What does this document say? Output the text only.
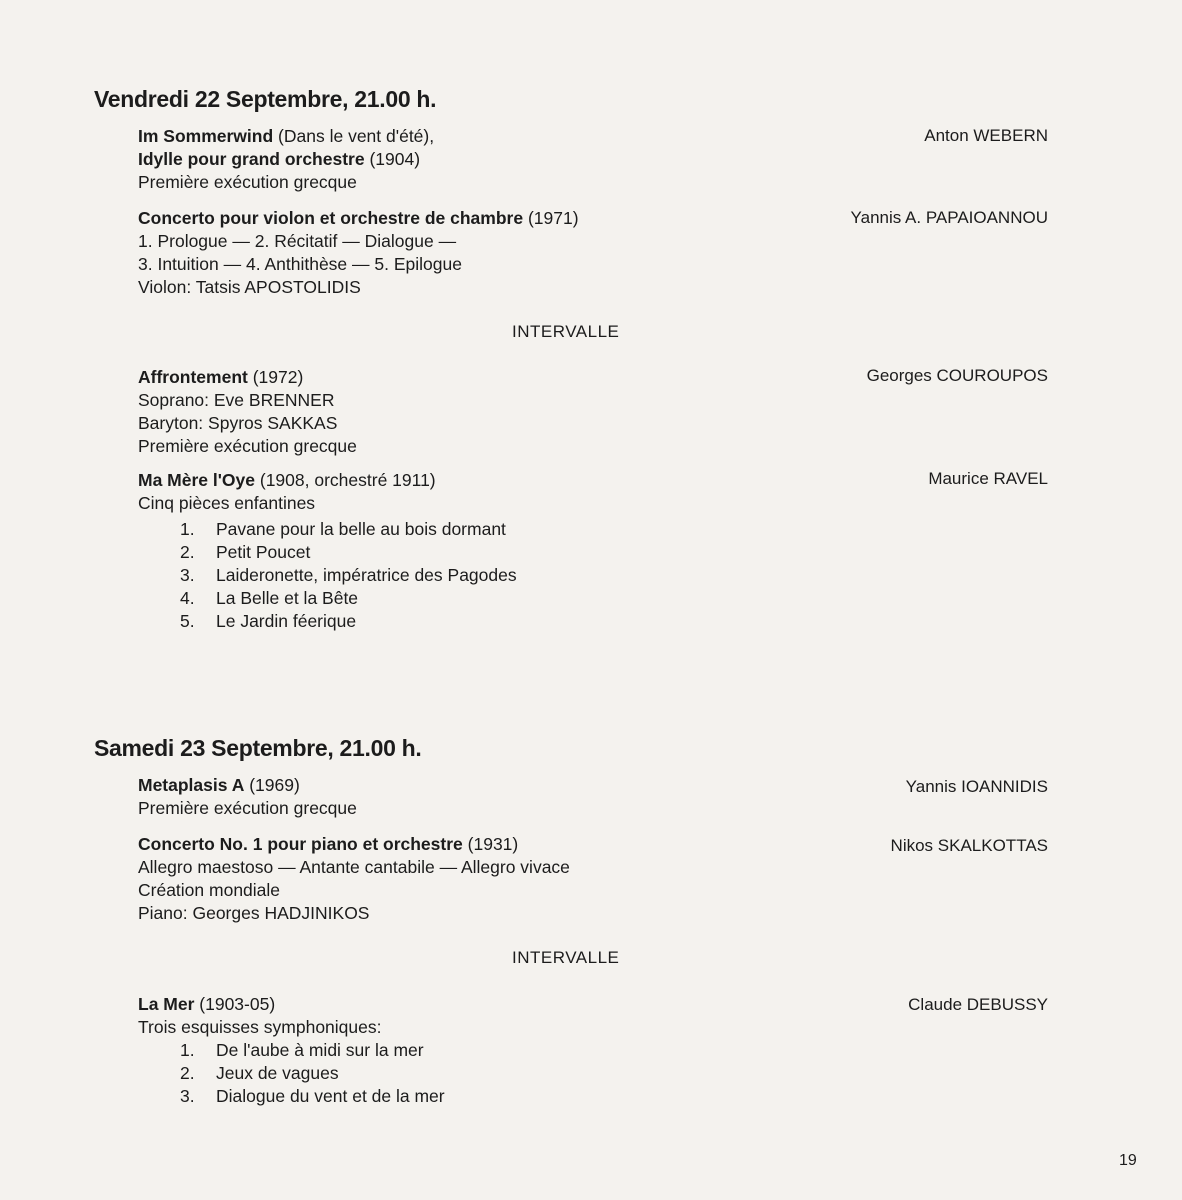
Vendredi 22 Septembre, 21.00 h.
Im Sommerwind (Dans le vent d'été),
Idylle pour grand orchestre (1904)
Première exécution grecque
Anton WEBERN
Concerto pour violon et orchestre de chambre (1971)
1. Prologue — 2. Récitatif — Dialogue —
3. Intuition — 4. Anthithèse — 5. Epilogue
Violon: Tatsis APOSTOLIDIS
Yannis A. PAPAIOANNOU
INTERVALLE
Affrontement (1972)
Soprano: Eve BRENNER
Baryton: Spyros SAKKAS
Première exécution grecque
Georges COUROUPOS
Ma Mère l'Oye (1908, orchestré 1911)
Cinq pièces enfantines
Maurice RAVEL
1. Pavane pour la belle au bois dormant
2. Petit Poucet
3. Laideronette, impératrice des Pagodes
4. La Belle et la Bête
5. Le Jardin féerique
Samedi 23 Septembre, 21.00 h.
Metaplasis A (1969)
Première exécution grecque
Yannis IOANNIDIS
Concerto No. 1 pour piano et orchestre (1931)
Allegro maestoso — Antante cantabile — Allegro vivace
Création mondiale
Piano: Georges HADJINIKOS
Nikos SKALKOTTAS
INTERVALLE
La Mer (1903-05)
Trois esquisses symphoniques:
Claude DEBUSSY
1. De l'aube à midi sur la mer
2. Jeux de vagues
3. Dialogue du vent et de la mer
19
